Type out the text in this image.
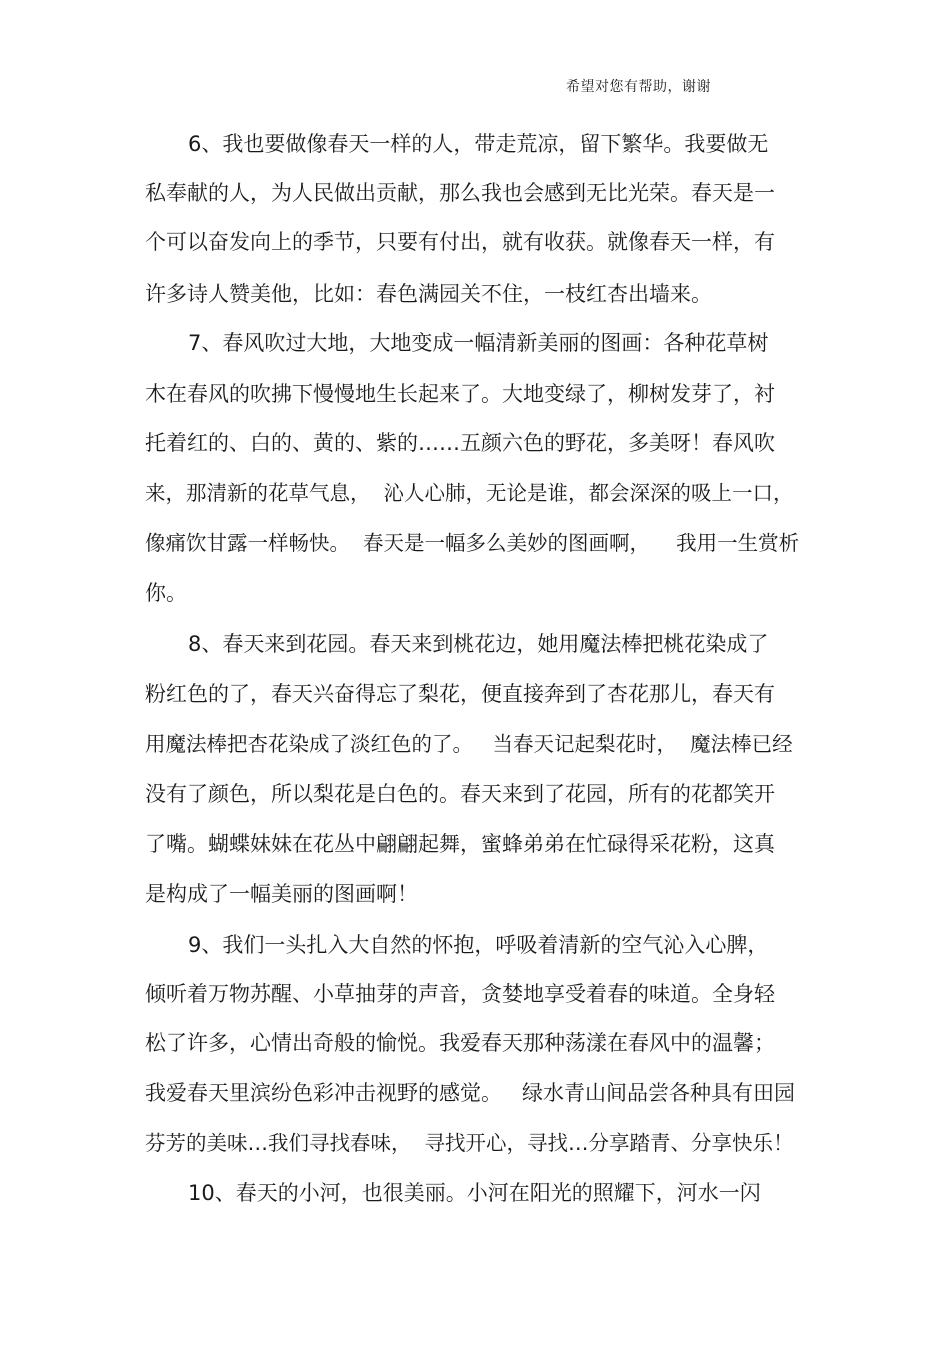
希望对您有帮助，谢谢
6、我也要做像春天一样的人，带走荒凉，留下繁华。我要做无
私奉献的人，为人民做出贡献，那么我也会感到无比光荣。春天是一
个可以奋发向上的季节，只要有付出，就有收获。就像春天一样，有
许多诗人赞美他，比如：春色满园关不住，一枝红杏出墙来。
7、春风吹过大地，大地变成一幅清新美丽的图画：各种花草树
木在春风的吹拂下慢慢地生长起来了。大地变绿了，柳树发芽了，衬
托着红的、白的、黄的、紫的……五颜六色的野花，多美呀！春风吹
来，那清新的花草气息，  沁人心肺，无论是谁，都会深深的吸上一口，
像痛饮甘露一样畅快。  春天是一幅多么美妙的图画啊，    我用一生赏析
你。
8、春天来到花园。春天来到桃花边，她用魔法棒把桃花染成了
粉红色的了，春天兴奋得忘了梨花，便直接奔到了杏花那儿，春天有
用魔法棒把杏花染成了淡红色的了。   当春天记起梨花时，  魔法棒已经
没有了颜色，所以梨花是白色的。春天来到了花园，所有的花都笑开
了嘴。蝴蝶妹妹在花丛中翩翩起舞，蜜蜂弟弟在忙碌得采花粉，这真
是构成了一幅美丽的图画啊！
9、我们一头扎入大自然的怀抱，呼吸着清新的空气沁入心脾，
倾听着万物苏醒、小草抽芽的声音，贪婪地享受着春的味道。全身轻
松了许多，心情出奇般的愉悦。我爱春天那种荡漾在春风中的温馨；
我爱春天里滨纷色彩冲击视野的感觉。   绿水青山间品尝各种具有田园
芬芳的美味…我们寻找春味，  寻找开心，寻找…分享踏青、分享快乐！
10、春天的小河，也很美丽。小河在阳光的照耀下，河水一闪
